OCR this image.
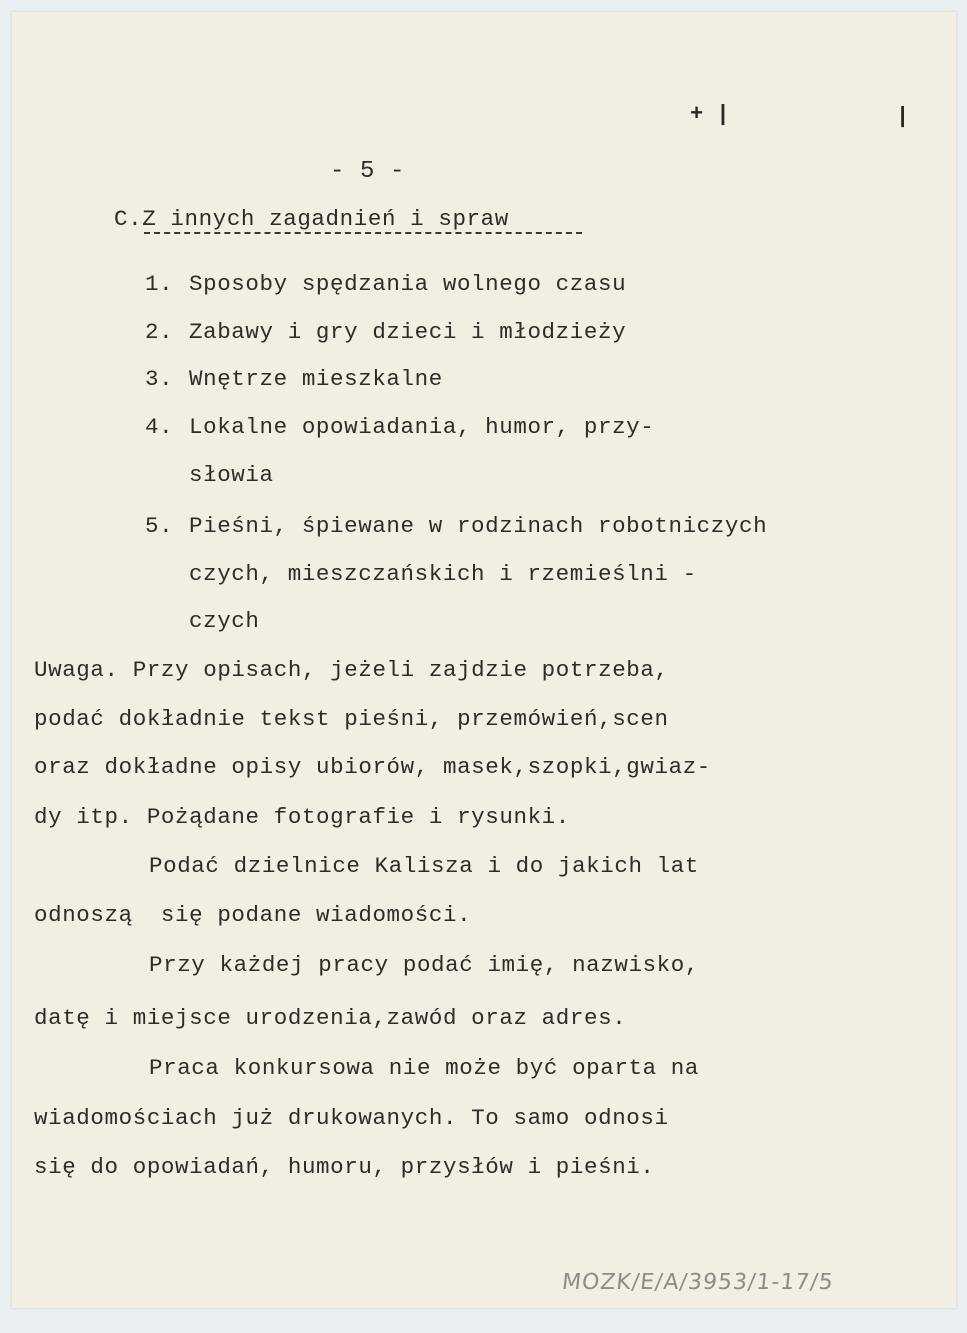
+ |	|
- 5 -
C.Z innych zagadnień i spraw
1. Sposoby spędzania wolnego czasu
2. Zabawy i gry dzieci i młodzieży
3. Wnętrze mieszkalne
4. Lokalne opowiadania, humor, przy-
słowia
5. Pieśni, śpiewane w rodzinach robotniczych
czych, mieszczańskich i rzemieślni -
czych
Uwaga. Przy opisach, jeżeli zajdzie potrzeba,
podać dokładnie tekst pieśni, przemówień,scen
oraz dokładne opisy ubiorów, masek,szopki,gwiaz-
dy itp. Pożądane fotografie i rysunki.
Podać dzielnice Kalisza i do jakich lat
odnoszą  się podane wiadomości.
Przy każdej pracy podać imię, nazwisko,
datę i miejsce urodzenia,zawód oraz adres.
Praca konkursowa nie może być oparta na
wiadomościach już drukowanych. To samo odnosi
się do opowiadań, humoru, przysłów i pieśni.
MOZK/E/A/3953/1-17/5
